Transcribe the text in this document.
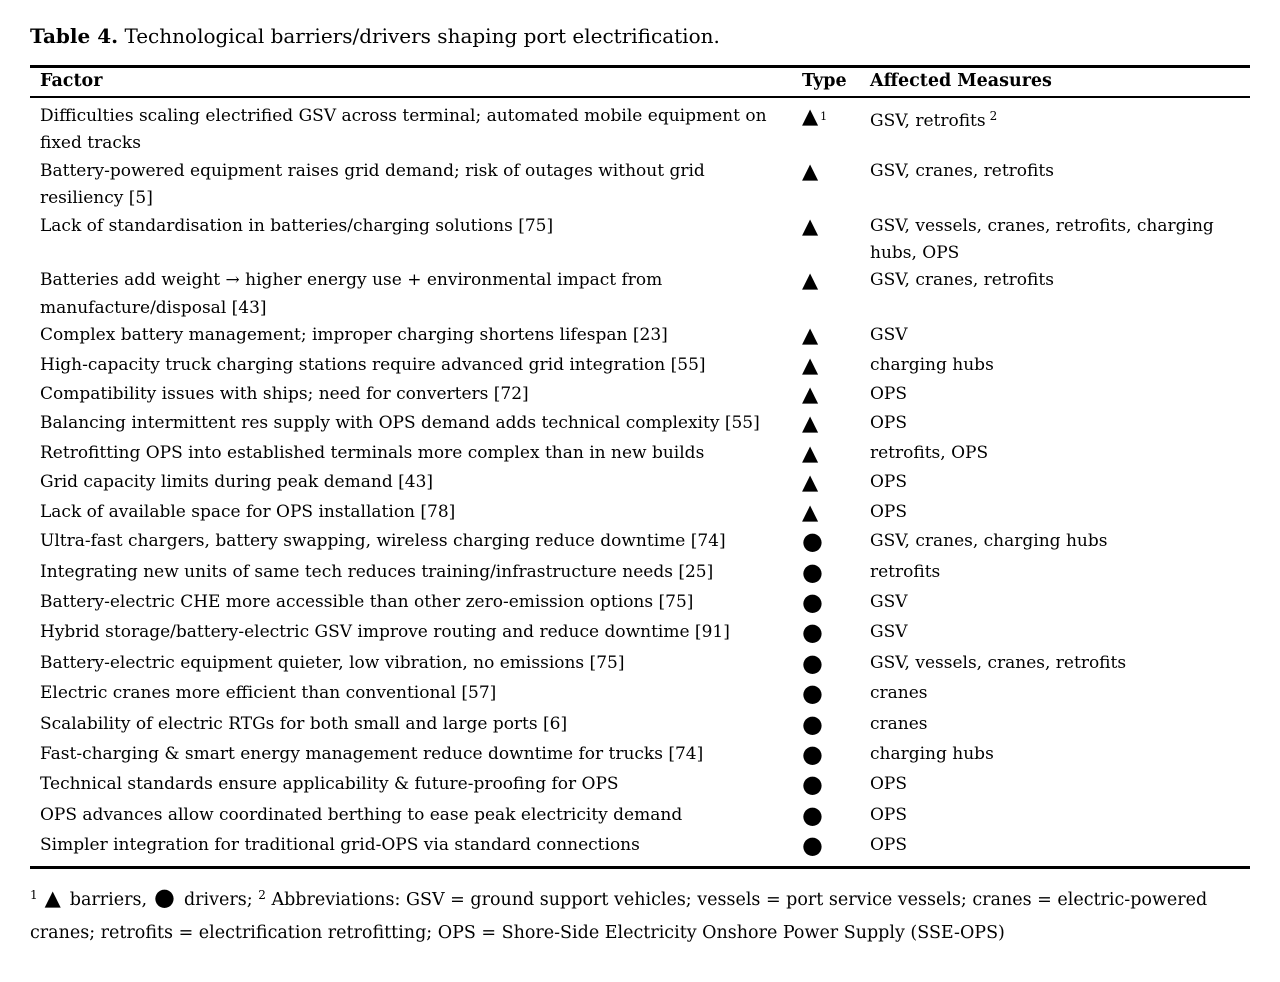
Table 4. Technological barriers/drivers shaping port electrification.
Factor	Type	Affected Measures
Difficulties scaling electrified GSV across terminal; automated mobile equipment on fixed tracks	▲ 1	GSV, retrofits $^2$
Battery-powered equipment raises grid demand; risk of outages without grid resiliency [5]	▲	GSV, cranes, retrofits
Lack of standardisation in batteries/charging solutions [75]	▲	GSV, vessels, cranes, retrofits, charging hubs, OPS
Batteries add weight → higher energy use + environmental impact from manufacture/disposal [43]	▲	GSV, cranes, retrofits
Complex battery management; improper charging shortens lifespan [23]	▲	GSV
High-capacity truck charging stations require advanced grid integration [55]	▲	charging hubs
Compatibility issues with ships; need for converters [72]	▲	OPS
Balancing intermittent res supply with OPS demand adds technical complexity [55]	▲	OPS
Retrofitting OPS into established terminals more complex than in new builds	▲	retrofits, OPS
Grid capacity limits during peak demand [43]	▲	OPS
Lack of available space for OPS installation [78]	▲	OPS
Ultra-fast chargers, battery swapping, wireless charging reduce downtime [74]	●	GSV, cranes, charging hubs
Integrating new units of same tech reduces training/infrastructure needs [25]	●	retrofits
Battery-electric CHE more accessible than other zero-emission options [75]	●	GSV
Hybrid storage/battery-electric GSV improve routing and reduce downtime [91]	●	GSV
Battery-electric equipment quieter, low vibration, no emissions [75]	●	GSV, vessels, cranes, retrofits
Electric cranes more efficient than conventional [57]	●	cranes
Scalability of electric RTGs for both small and large ports [6]	●	cranes
Fast-charging & smart energy management reduce downtime for trucks [74]	●	charging hubs
Technical standards ensure applicability & future-proofing for OPS	●	OPS
OPS advances allow coordinated berthing to ease peak electricity demand	●	OPS
Simpler integration for traditional grid-OPS via standard connections	●	OPS
$^1$ ▲ barriers, ● drivers; $^2$ Abbreviations: GSV = ground support vehicles; vessels = port service vessels; cranes = electric-powered cranes; retrofits = electrification retrofitting; OPS = Shore-Side Electricity Onshore Power Supply (SSE-OPS)
